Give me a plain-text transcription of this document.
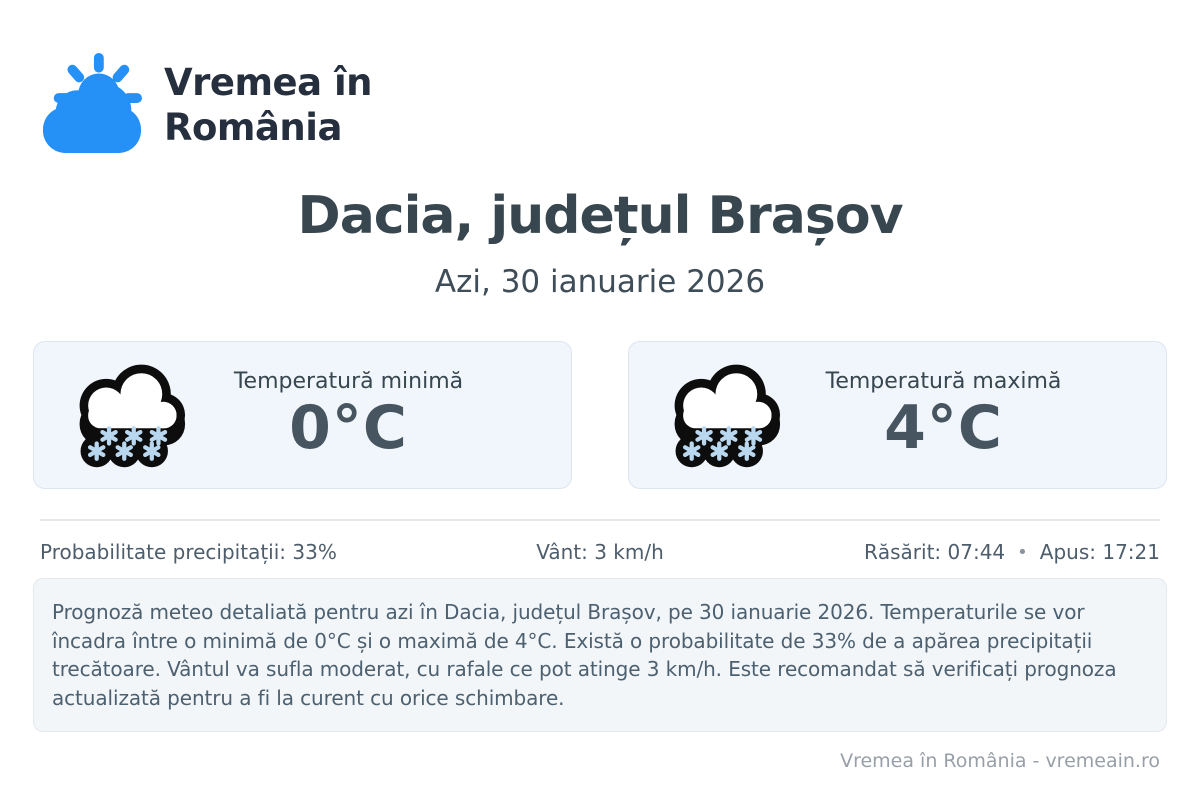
Vremea în
România
Dacia, județul Brașov
Azi, 30 ianuarie 2026
Temperatură minimă
0°C
Temperatură maximă
4°C
Probabilitate precipitații: 33%	Vânt: 3 km/h	Răsărit: 07:44 • Apus: 17:21
Prognoză meteo detaliată pentru azi în Dacia, județul Brașov, pe 30 ianuarie 2026. Temperaturile se vor încadra între o minimă de 0°C și o maximă de 4°C. Există o probabilitate de 33% de a apărea precipitații trecătoare. Vântul va sufla moderat, cu rafale ce pot atinge 3 km/h. Este recomandat să verificați prognoza actualizată pentru a fi la curent cu orice schimbare.
Vremea în România - vremeain.ro
